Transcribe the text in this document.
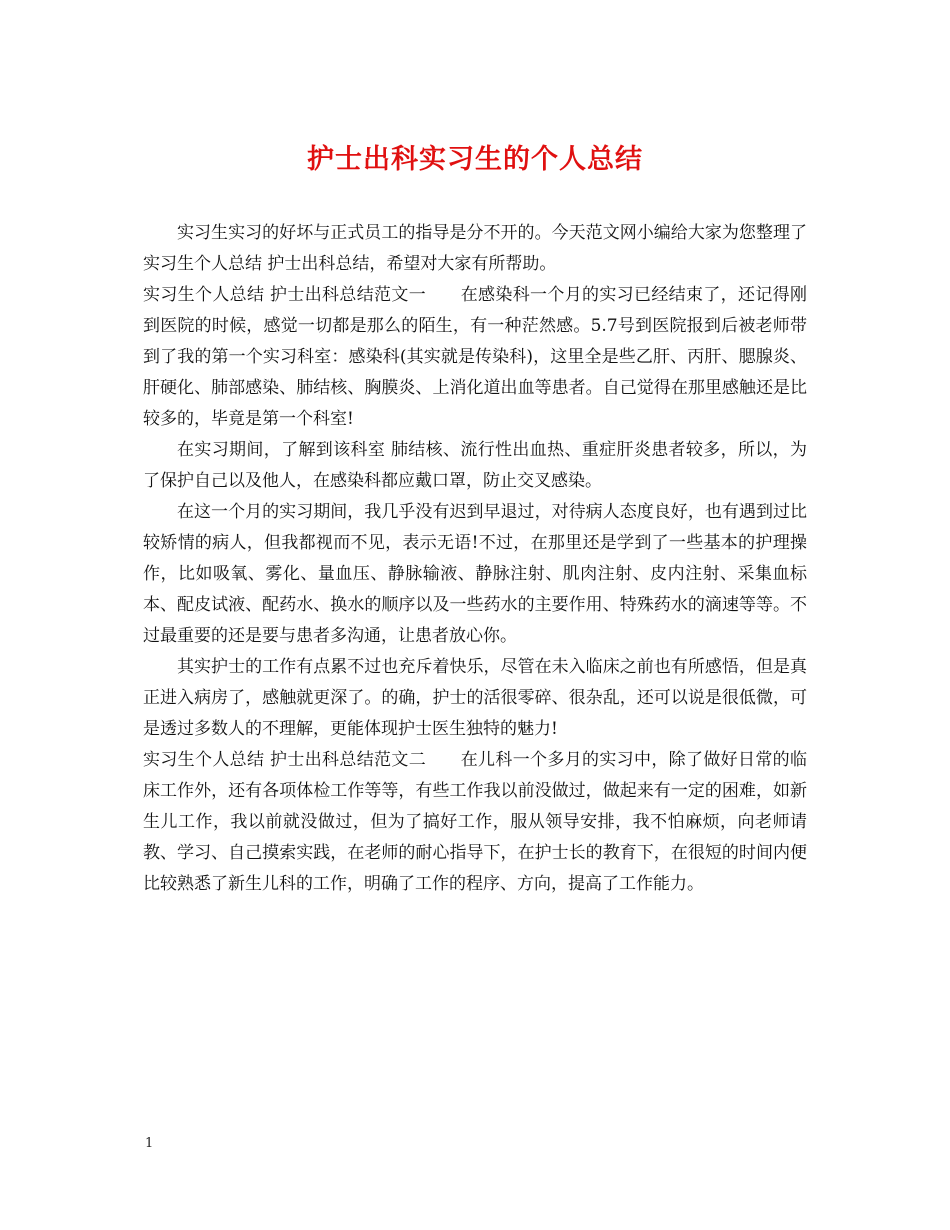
护士出科实习生的个人总结

实习生实习的好坏与正式员工的指导是分不开的。今天范文网小编给大家为您整理了实习生个人总结 护士出科总结，希望对大家有所帮助。

实习生个人总结 护士出科总结范文一　　在感染科一个月的实习已经结束了，还记得刚到医院的时候，感觉一切都是那么的陌生，有一种茫然感。5.7号到医院报到后被老师带到了我的第一个实习科室：感染科(其实就是传染科)，这里全是些乙肝、丙肝、腮腺炎、肝硬化、肺部感染、肺结核、胸膜炎、上消化道出血等患者。自己觉得在那里感触还是比较多的，毕竟是第一个科室!

在实习期间，了解到该科室 肺结核、流行性出血热、重症肝炎患者较多，所以，为了保护自己以及他人，在感染科都应戴口罩，防止交叉感染。

在这一个月的实习期间，我几乎没有迟到早退过，对待病人态度良好，也有遇到过比较矫情的病人，但我都视而不见，表示无语!不过，在那里还是学到了一些基本的护理操作，比如吸氧、雾化、量血压、静脉输液、静脉注射、肌肉注射、皮内注射、采集血标本、配皮试液、配药水、换水的顺序以及一些药水的主要作用、特殊药水的滴速等等。不过最重要的还是要与患者多沟通，让患者放心你。

其实护士的工作有点累不过也充斥着快乐，尽管在未入临床之前也有所感悟，但是真正进入病房了，感触就更深了。的确，护士的活很零碎、很杂乱，还可以说是很低微，可是透过多数人的不理解，更能体现护士医生独特的魅力!

实习生个人总结 护士出科总结范文二　　在儿科一个多月的实习中，除了做好日常的临床工作外，还有各项体检工作等等，有些工作我以前没做过，做起来有一定的困难，如新生儿工作，我以前就没做过，但为了搞好工作，服从领导安排，我不怕麻烦，向老师请教、学习、自己摸索实践，在老师的耐心指导下，在护士长的教育下，在很短的时间内便比较熟悉了新生儿科的工作，明确了工作的程序、方向，提高了工作能力。

1
